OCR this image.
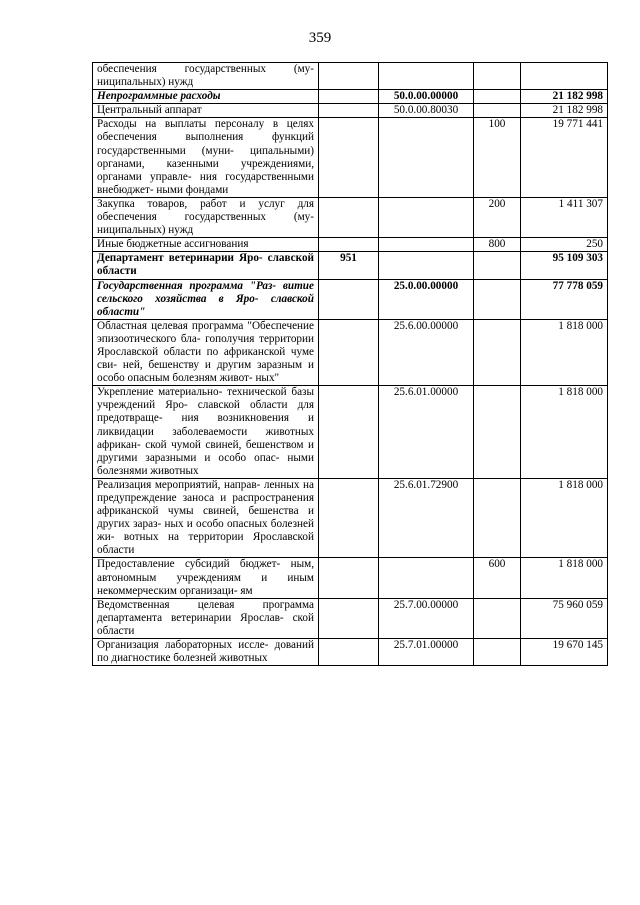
359
обеспечения государственных (му- ниципальных) нужд				
Непрограммные расходы		50.0.00.00000		21 182 998
Центральный аппарат		50.0.00.80030		21 182 998
Расходы на выплаты персоналу в целях обеспечения выполнения функций государственными (муни- ципальными) органами, казенными учреждениями, органами управле- ния государственными внебюджет- ными фондами			100	19 771 441
Закупка товаров, работ и услуг для обеспечения государственных (му- ниципальных) нужд			200	1 411 307
Иные бюджетные ассигнования			800	250
Департамент ветеринарии Яро- славской области	951			95 109 303
Государственная программа "Раз- витие сельского хозяйства в Яро- славской области"		25.0.00.00000		77 778 059
Областная целевая программа "Обеспечение эпизоотического бла- гополучия территории Ярославской области по африканской чуме сви- ней, бешенству и другим заразным и особо опасным болезням живот- ных"		25.6.00.00000		1 818 000
Укрепление материально- технической базы учреждений Яро- славской области для предотвраще- ния возникновения и ликвидации заболеваемости животных африкан- ской чумой свиней, бешенством и другими заразными и особо опас- ными болезнями животных		25.6.01.00000		1 818 000
Реализация мероприятий, направ- ленных на предупреждение заноса и распространения африканской чумы свиней, бешенства и других зараз- ных и особо опасных болезней жи- вотных на территории Ярославской области		25.6.01.72900		1 818 000
Предоставление субсидий бюджет- ным, автономным учреждениям и иным некоммерческим организаци- ям			600	1 818 000
Ведомственная целевая программа департамента ветеринарии Ярослав- ской области		25.7.00.00000		75 960 059
Организация лабораторных иссле- дований по диагностике болезней животных		25.7.01.00000		19 670 145
